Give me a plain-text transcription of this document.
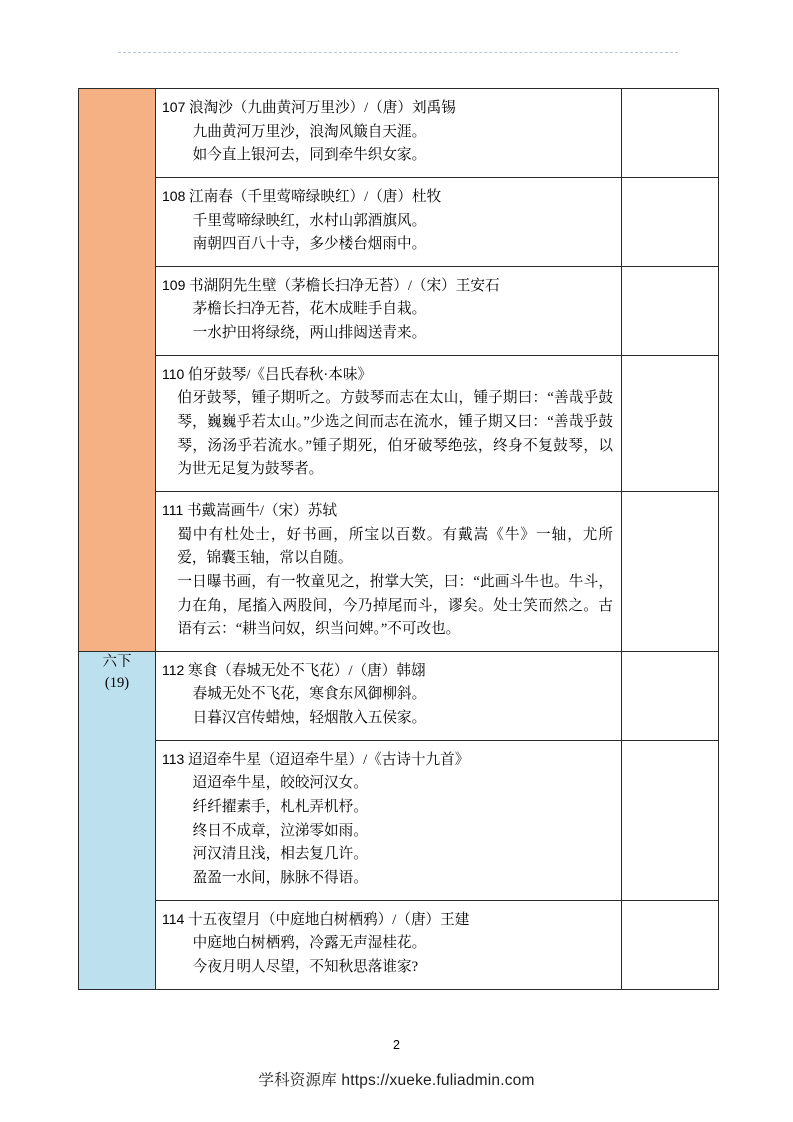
	107 浪淘沙（九曲黄河万里沙）/（唐）刘禹锡
九曲黄河万里沙，浪淘风簸自天涯。
如今直上银河去，同到牵牛织女家。	

	108 江南春（千里莺啼绿映红）/（唐）杜牧
千里莺啼绿映红，水村山郭酒旗风。
南朝四百八十寺，多少楼台烟雨中。	

	109 书湖阴先生壁（茅檐长扫净无苔）/（宋）王安石
茅檐长扫净无苔，花木成畦手自栽。
一水护田将绿绕，两山排闼送青来。	

	110 伯牙鼓琴/《吕氏春秋·本味》
伯牙鼓琴，锺子期听之。方鼓琴而志在太山，锺子期曰：“善哉乎鼓琴，巍巍乎若太山。”少选之间而志在流水，锺子期又曰：“善哉乎鼓琴，汤汤乎若流水。”锺子期死，伯牙破琴绝弦，终身不复鼓琴，以为世无足复为鼓琴者。	

	111 书戴嵩画牛/（宋）苏轼
蜀中有杜处士，好书画，所宝以百数。有戴嵩《牛》一轴，尤所爱，锦囊玉轴，常以自随。
一日曝书画，有一牧童见之，拊掌大笑，曰：“此画斗牛也。牛斗，力在角，尾搐入两股间，今乃掉尾而斗，谬矣。处士笑而然之。古语有云：“耕当问奴，织当问婢。”不可改也。	

六下
(19)

112 寒食（春城无处不飞花）/（唐）韩翃
春城无处不飞花，寒食东风御柳斜。
日暮汉宫传蜡烛，轻烟散入五侯家。

113 迢迢牵牛星（迢迢牵牛星）/《古诗十九首》
迢迢牵牛星，皎皎河汉女。
纤纤擢素手，札札弄机杼。
终日不成章，泣涕零如雨。
河汉清且浅，相去复几许。
盈盈一水间，脉脉不得语。

	114 十五夜望月（中庭地白树栖鸦）/（唐）王建
中庭地白树栖鸦，冷露无声湿桂花。
今夜月明人尽望，不知秋思落谁家?	

2
学科资源库 https://xueke.fuliadmin.com
